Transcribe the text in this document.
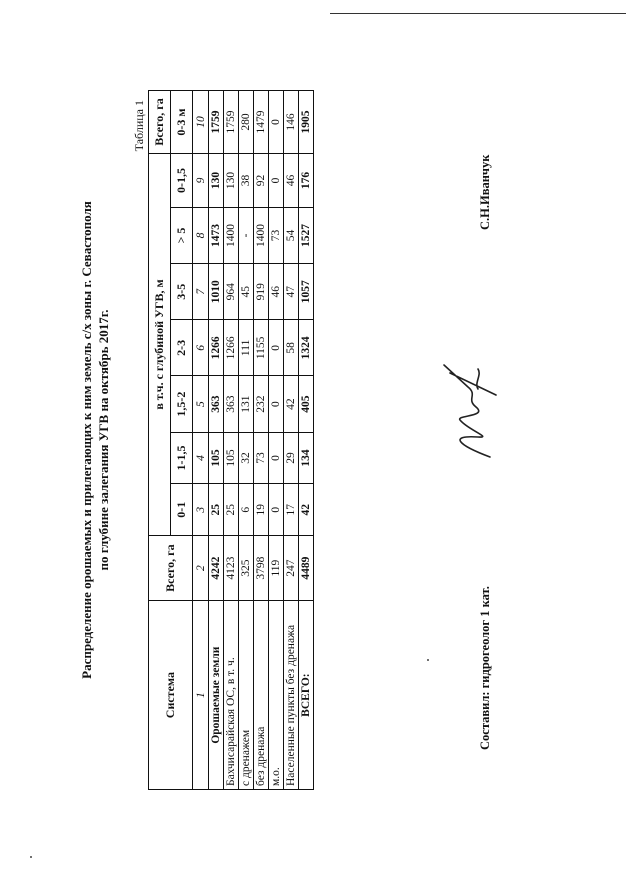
Распределение орошаемых и прилегающих к ним земель с/х зоны г. Севастополя по глубине залегания УГВ на октябрь 2017г.
Таблица 1
Система	Всего, га	в т.ч. с глубиной УГВ, м							Всего, га
		0-1	1-1,5	1,5-2	2-3	3-5	> 5	0-1,5	0-3 м
1	2	3	4	5	6	7	8	9	10
Орошаемые земли	4242	25	105	363	1266	1010	1473	130	1759
Бахчисарайская ОС, в т. ч.	4123	25	105	363	1266	964	1400	130	1759
с дренажем	325	6	32	131	111	45	-	38	280
без дренажа	3798	19	73	232	1155	919	1400	92	1479
м.о.	119	0	0	0	0	46	73	0	0
Населенные пункты без дренажа	247	17	29	42	58	47	54	46	146
ВСЕГО:	4489	42	134	405	1324	1057	1527	176	1905
Составил: гидрогеолог 1 кат.
С.Н.Иванчук
